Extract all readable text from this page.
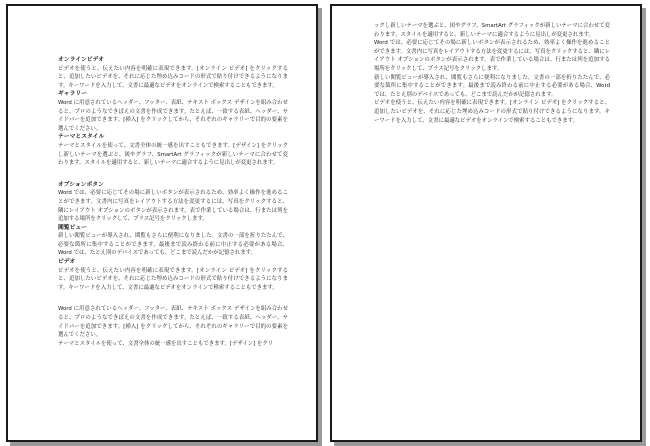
オンラインビデオ

ビデオを使うと、伝えたい内容を明確に表現できます。[オンライン ビデオ] をクリックすると、追加したいビデオを、それに応じた埋め込みコードの形式で貼り付けできるようになります。キーワードを入力して、文書に最適なビデオをオンラインで検索することもできます。

ギャラリー

Word に用意されているヘッダー、フッター、表紙、テキスト ボックス デザインを組み合わせると、プロのようなできばえの文書を作成できます。たとえば、一致する表紙、ヘッダー、サイドバーを追加できます。[挿入] をクリックしてから、それぞれのギャラリーで目的の要素を選んでください。

テーマとスタイル

テーマとスタイルを使って、文書全体の統一感を出すこともできます。[デザイン] をクリックし新しいテーマを選ぶと、図やグラフ、SmartArt グラフィックが新しいテーマに合わせて変わります。スタイルを適用すると、新しいテーマに適合するように見出しが変更されます。

オプションボタン

Word では、必要に応じてその場に新しいボタンが表示されるため、効率よく操作を進めることができます。文書内に写真をレイアウトする方法を変更するには、写真をクリックすると、隣にレイアウト オプションのボタンが表示されます。表で作業している場合は、行または列を追加する場所をクリックして、プラス記号をクリックします。

閲覧ビュー

新しい閲覧ビューが導入され、閲覧もさらに便利になりました。文書の一部を折りたたんで、必要な箇所に集中することができます。最後まで読み終わる前に中止する必要がある場合、Word では、たとえ別のデバイスであっても、どこまで読んだかが記憶されます。

ビデオ

ビデオを使うと、伝えたい内容を明確に表現できます。[オンライン ビデオ] をクリックすると、追加したいビデオを、それに応じた埋め込みコードの形式で貼り付けできるようになります。キーワードを入力して、文書に最適なビデオをオンラインで検索することもできます。

Word に用意されているヘッダー、フッター、表紙、テキスト ボックス デザインを組み合わせると、プロのようなできばえの文書を作成できます。たとえば、一致する表紙、ヘッダー、サイドバーを追加できます。[挿入] をクリックしてから、それぞれのギャラリーで目的の要素を選んでください。

テーマとスタイルを使って、文書全体の統一感を出すこともできます。[デザイン] をクリ

ックし新しいテーマを選ぶと、図やグラフ、SmartArt グラフィックが新しいテーマに合わせて変わります。スタイルを適用すると、新しいテーマに適合するように見出しが変更されます。

Word では、必要に応じてその場に新しいボタンが表示されるため、効率よく操作を進めることができます。文書内に写真をレイアウトする方法を変更するには、写真をクリックすると、隣にレイアウト オプションのボタンが表示されます。表で作業している場合は、行または列を追加する場所をクリックして、プラス記号をクリックします。

新しい閲覧ビューが導入され、閲覧もさらに便利になりました。文書の一部を折りたたんで、必要な箇所に集中することができます。最後まで読み終わる前に中止する必要がある場合、Word では、たとえ別のデバイスであっても、どこまで読んだかが記憶されます。

ビデオを使うと、伝えたい内容を明確に表現できます。[オンライン ビデオ] をクリックすると、追加したいビデオを、それに応じた埋め込みコードの形式で貼り付けできるようになります。キーワードを入力して、文書に最適なビデオをオンラインで検索することもできます。
